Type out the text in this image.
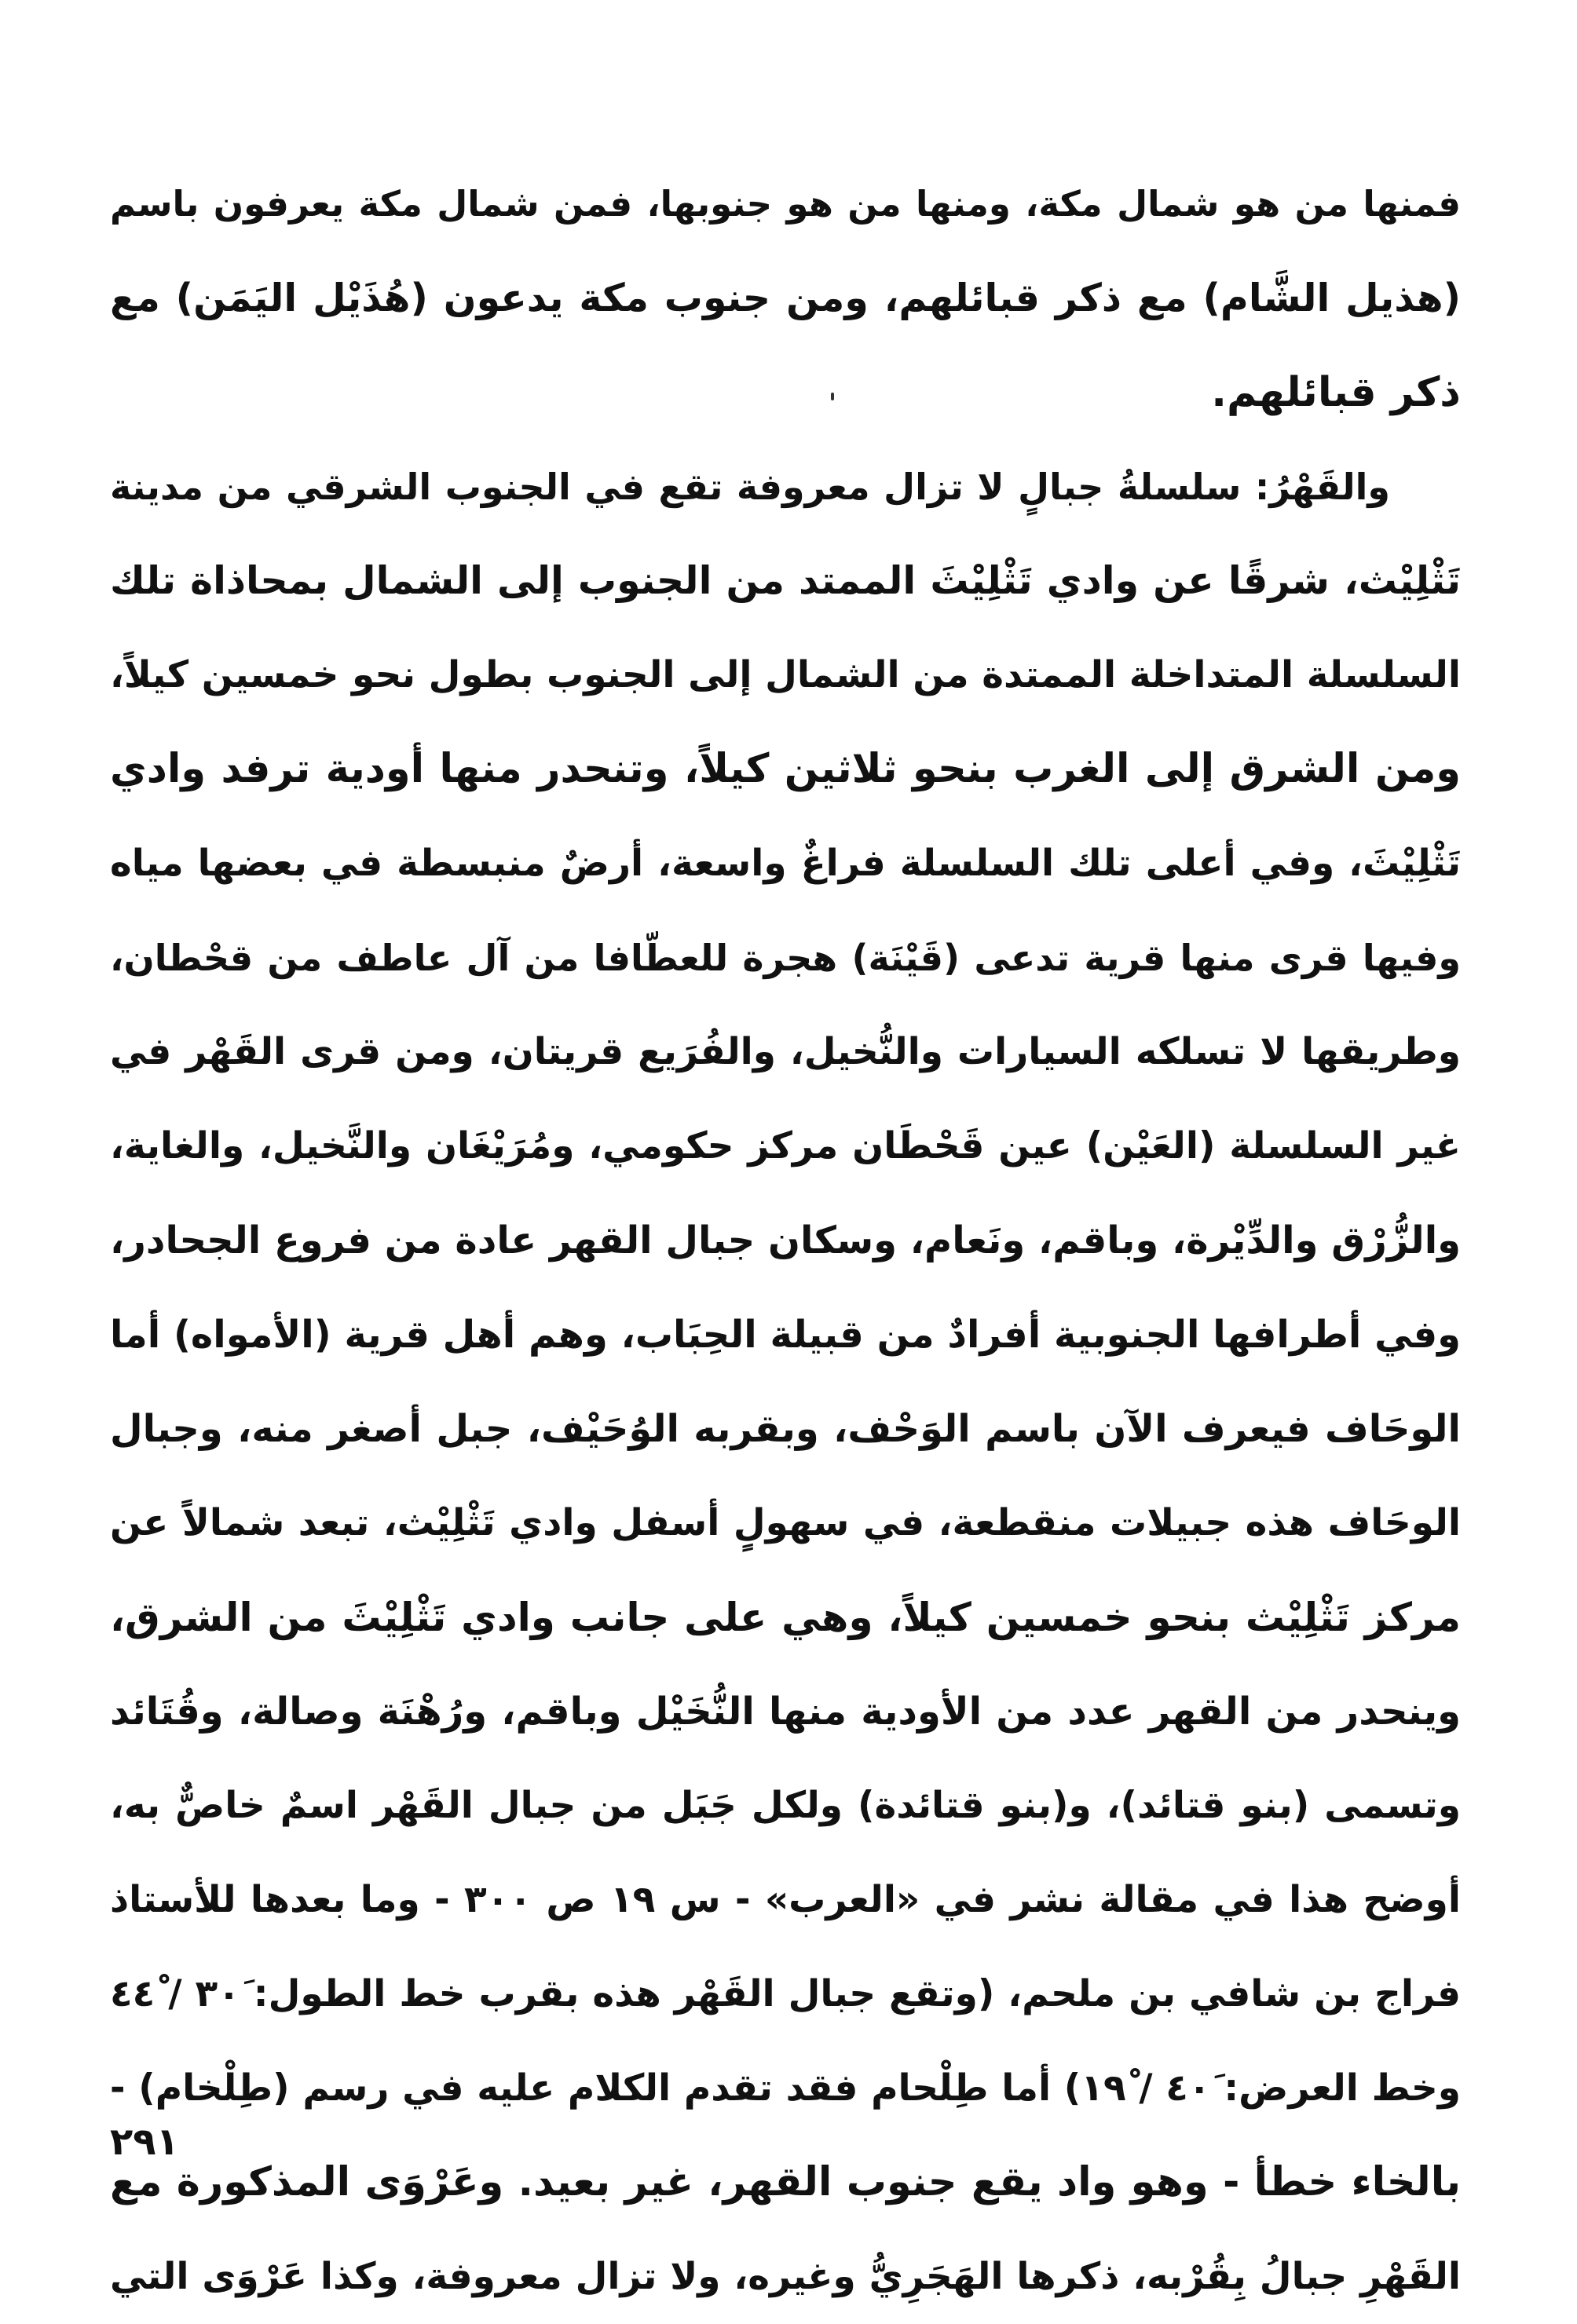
فمنها من هو شمال مكة، ومنها من هو جنوبها، فمن شمال مكة يعرفون باسم
(هذيل الشَّام) مع ذكر قبائلهم، ومن جنوب مكة يدعون (هُذَيْل اليَمَن) مع
ذكر قبائلهم.
والقَهْرُ: سلسلةُ جبالٍ لا تزال معروفة تقع في الجنوب الشرقي من مدينة
تَثْلِيْث، شرقًا عن وادي تَثْلِيْثَ الممتد من الجنوب إلى الشمال بمحاذاة تلك
السلسلة المتداخلة الممتدة من الشمال إلى الجنوب بطول نحو خمسين كيلاً،
ومن الشرق إلى الغرب بنحو ثلاثين كيلاً، وتنحدر منها أودية ترفد وادي
تَثْلِيْثَ، وفي أعلى تلك السلسلة فراغٌ واسعة، أرضٌ منبسطة في بعضها مياه
وفيها قرى منها قرية تدعى (قَيْنَة) هجرة للعطّافا من آل عاطف من قحْطان،
وطريقها لا تسلكه السيارات والنُّخيل، والفُرَيع قريتان، ومن قرى القَهْر في
غير السلسلة (العَيْن) عين قَحْطَان مركز حكومي، ومُرَيْغَان والنَّخيل، والغاية،
والزُّرْق والدِّيْرة، وباقم، ونَعام، وسكان جبال القهر عادة من فروع الجحادر،
وفي أطرافها الجنوبية أفرادٌ من قبيلة الحِبَاب، وهم أهل قرية (الأمواه) أما
الوحَاف فيعرف الآن باسم الوَحْف، وبقربه الوُحَيْف، جبل أصغر منه، وجبال
الوحَاف هذه جبيلات منقطعة، في سهولٍ أسفل وادي تَثْلِيْث، تبعد شمالاً عن
مركز تَثْلِيْث بنحو خمسين كيلاً، وهي على جانب وادي تَثْلِيْثَ من الشرق،
وينحدر من القهر عدد من الأودية منها النُّخَيْل وباقم، ورُهْنَة وصالة، وقُتَائد
وتسمى (بنو قتائد)، و(بنو قتائدة) ولكل جَبَل من جبال القَهْر اسمٌ خاصٌّ به،
أوضح هذا في مقالة نشر في «العرب» - س ١٩ ص ٣٠٠ - وما بعدها للأستاذ
فراج بن شافي بن ملحم، (وتقع جبال القَهْر هذه بقرب خط الطول: ٣٠َ / ٤٤ْ
وخط العرض: ٤٠َ / ١٩ْ) أما طِلْحام فقد تقدم الكلام عليه في رسم (طِلْخام) -
بالخاء خطأ - وهو واد يقع جنوب القهر، غير بعيد. وعَرْوَى المذكورة مع
القَهْرِ جبالُ بِقُرْبه، ذكرها الهَجَرِيُّ وغيره، ولا تزال معروفة، وكذا عَرْوَى التي
٢٩١
